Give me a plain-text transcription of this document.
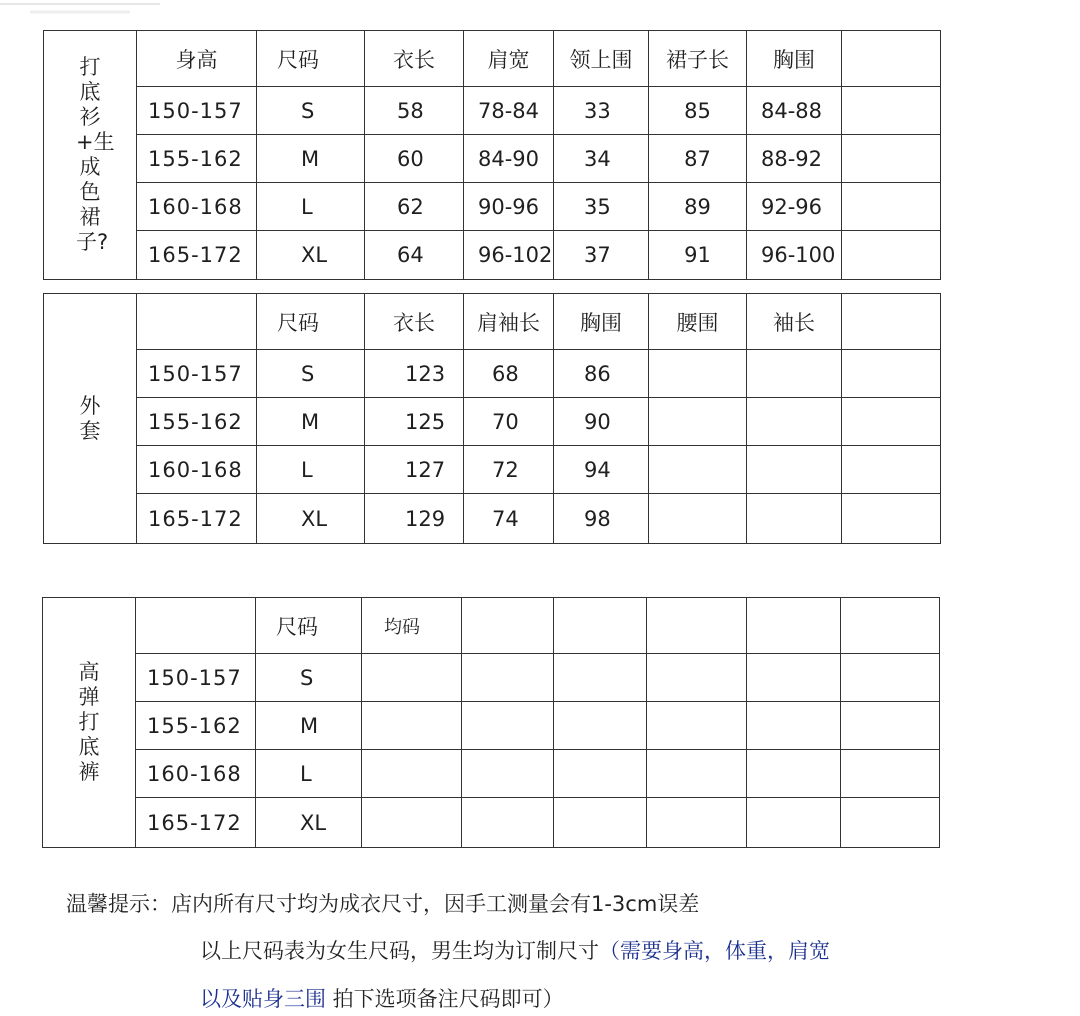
打底衫+生成色裙子?	身高	尺码	衣长	肩宽	领上围	裙子长	胸围	
	150-157	S	58	78-84	33	85	84-88	
	155-162	M	60	84-90	34	87	88-92	
	160-168	L	62	90-96	35	89	92-96	
	165-172	XL	64	96-102	37	91	96-100	
外套		尺码	衣长	肩袖长	胸围	腰围	袖长	
	150-157	S	123	68	86			
	155-162	M	125	70	90			
	160-168	L	127	72	94			
	165-172	XL	129	74	98			
高弹打底裤		尺码	均码					
	150-157	S						
	155-162	M						
	160-168	L						
	165-172	XL						
温馨提示：店内所有尺寸均为成衣尺寸，因手工测量会有1-3cm误差
以上尺码表为女生尺码，男生均为订制尺寸（需要身高，体重，肩宽
以及贴身三围 拍下选项备注尺码即可）
